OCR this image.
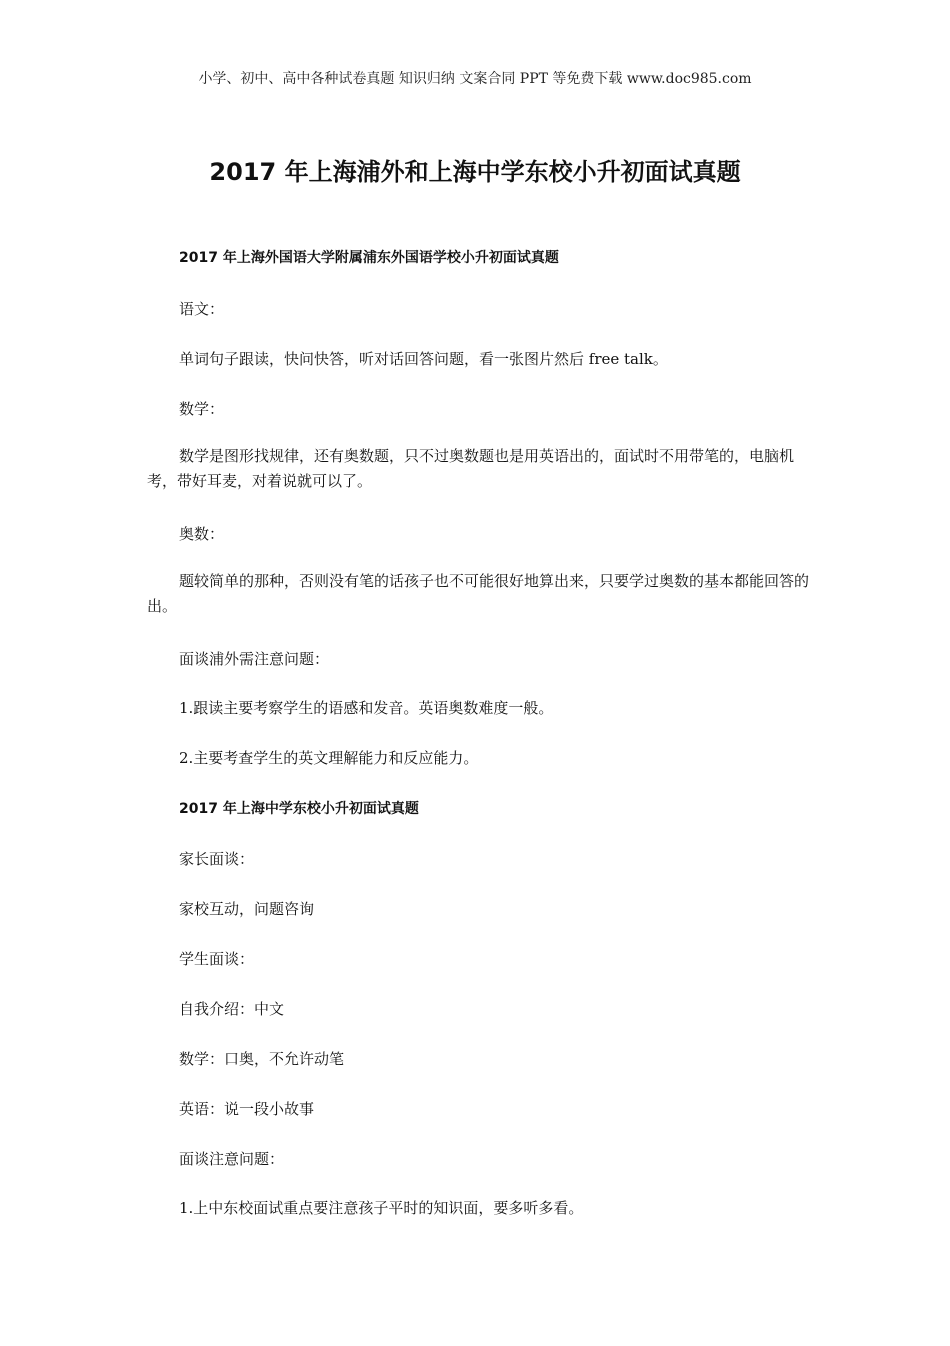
小学、初中、高中各种试卷真题 知识归纳 文案合同 PPT 等免费下载 www.doc985.com
2017 年上海浦外和上海中学东校小升初面试真题
2017 年上海外国语大学附属浦东外国语学校小升初面试真题
语文：
单词句子跟读，快问快答，听对话回答问题，看一张图片然后 free talk。
数学：
数学是图形找规律，还有奥数题，只不过奥数题也是用英语出的，面试时不用带笔的，电脑机考，带好耳麦，对着说就可以了。
奥数：
题较简单的那种，否则没有笔的话孩子也不可能很好地算出来，只要学过奥数的基本都能回答的出。
面谈浦外需注意问题：
1.跟读主要考察学生的语感和发音。英语奥数难度一般。
2.主要考查学生的英文理解能力和反应能力。
2017 年上海中学东校小升初面试真题
家长面谈：
家校互动，问题咨询
学生面谈：
自我介绍：中文
数学：口奥，不允许动笔
英语：说一段小故事
面谈注意问题：
1.上中东校面试重点要注意孩子平时的知识面，要多听多看。
